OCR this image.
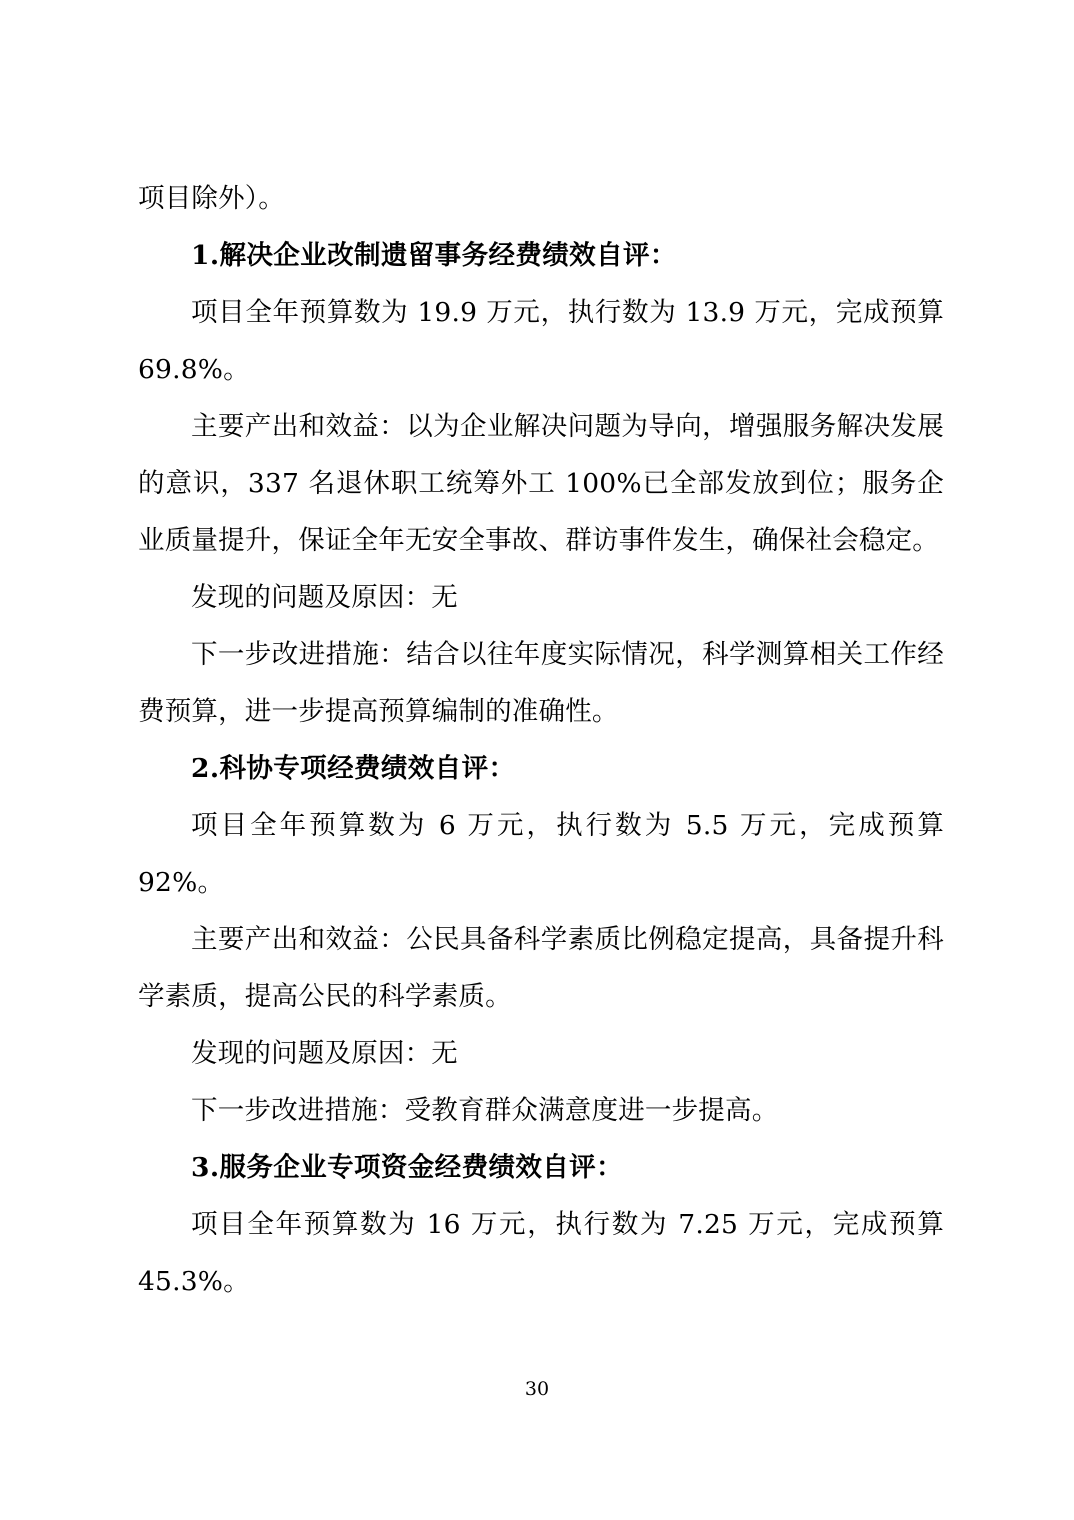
项目除外）。

1.解决企业改制遗留事务经费绩效自评：

项目全年预算数为 19.9 万元，执行数为 13.9 万元，完成预算 69.8%。

主要产出和效益：以为企业解决问题为导向，增强服务解决发展的意识，337 名退休职工统筹外工 100%已全部发放到位；服务企业质量提升，保证全年无安全事故、群访事件发生，确保社会稳定。

发现的问题及原因：无

下一步改进措施：结合以往年度实际情况，科学测算相关工作经费预算，进一步提高预算编制的准确性。

2.科协专项经费绩效自评：

项目全年预算数为 6 万元，执行数为 5.5 万元，完成预算 92%。

主要产出和效益：公民具备科学素质比例稳定提高，具备提升科学素质，提高公民的科学素质。

发现的问题及原因：无

下一步改进措施：受教育群众满意度进一步提高。

3.服务企业专项资金经费绩效自评：

项目全年预算数为 16 万元，执行数为 7.25 万元，完成预算 45.3%。

30
